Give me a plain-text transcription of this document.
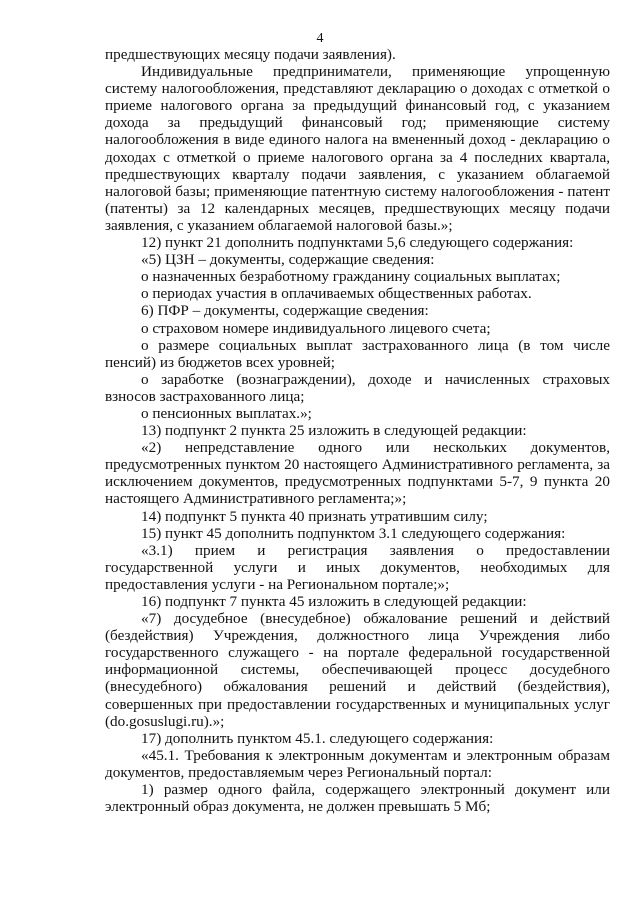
4

предшествующих месяцу подачи заявления).

Индивидуальные предприниматели, применяющие упрощенную систему налогообложения, представляют декларацию о доходах с отметкой о приеме налогового органа за предыдущий финансовый год, с указанием дохода за предыдущий финансовый год; применяющие систему налогообложения в виде единого налога на вмененный доход - декларацию о доходах с отметкой о приеме налогового органа за 4 последних квартала, предшествующих кварталу подачи заявления, с указанием облагаемой налоговой базы; применяющие патентную систему налогообложения - патент (патенты) за 12 календарных месяцев, предшествующих месяцу подачи заявления, с указанием облагаемой налоговой базы.»;

12) пункт 21 дополнить подпунктами 5,6 следующего содержания:

«5) ЦЗН – документы, содержащие сведения:

о назначенных безработному гражданину социальных выплатах;

о периодах участия в оплачиваемых общественных работах.

6) ПФР – документы, содержащие сведения:

о страховом номере индивидуального лицевого счета;

о размере социальных выплат застрахованного лица (в том числе пенсий) из бюджетов всех уровней;

о заработке (вознаграждении), доходе и начисленных страховых взносов застрахованного лица;

о пенсионных выплатах.»;

13) подпункт 2 пункта 25 изложить в следующей редакции:

«2) непредставление одного или нескольких документов, предусмотренных пунктом 20 настоящего Административного регламента, за исключением документов, предусмотренных подпунктами 5-7, 9 пункта 20 настоящего Административного регламента;»;

14) подпункт 5 пункта 40 признать утратившим силу;

15) пункт 45 дополнить подпунктом 3.1 следующего содержания:

«3.1) прием и регистрация заявления о предоставлении государственной услуги и иных документов, необходимых для предоставления услуги - на Региональном портале;»;

16) подпункт 7 пункта 45 изложить в следующей редакции:

«7) досудебное (внесудебное) обжалование решений и действий (бездействия) Учреждения, должностного лица Учреждения либо государственного служащего - на портале федеральной государственной информационной системы, обеспечивающей процесс досудебного (внесудебного) обжалования решений и действий (бездействия), совершенных при предоставлении государственных и муниципальных услуг (do.gosuslugi.ru).»;

17) дополнить пунктом 45.1. следующего содержания:

«45.1. Требования к электронным документам и электронным образам документов, предоставляемым через Региональный портал:

1) размер одного файла, содержащего электронный документ или электронный образ документа, не должен превышать 5 Мб;
